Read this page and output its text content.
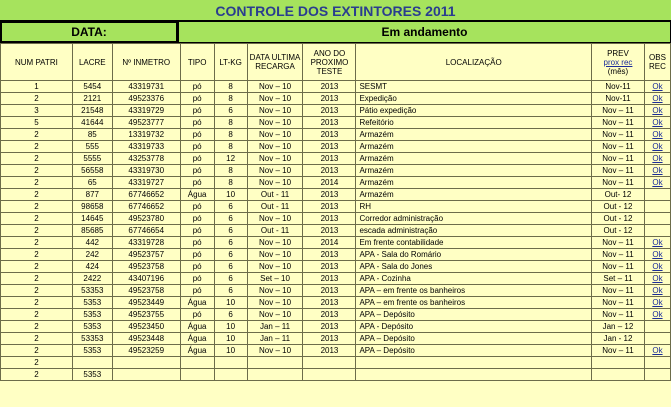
CONTROLE DOS EXTINTORES 2011
DATA:	Em andamento
NUM PATRI	LACRE	Nº INMETRO	TIPO	LT-KG	DATA ULTIMA RECARGA	ANO DO PROXIMO TESTE	LOCALIZAÇÃO	PREV
prox rec
(mês)	OBS REC
1	5454	43319731	pó	8	Nov – 10	2013	SESMT	Nov-11	Ok
2	2121	49523376	pó	8	Nov – 10	2013	Expedição	Nov-11	Ok
3	21548	43319729	pó	6	Nov – 10	2013	Pátio expedição	Nov – 11	Ok
5	41644	49523777	pó	8	Nov – 10	2013	Refeitório	Nov – 11	Ok
2	85	13319732	pó	8	Nov – 10	2013	Armazém	Nov – 11	Ok
2	555	43319733	pó	8	Nov – 10	2013	Armazém	Nov – 11	Ok
2	5555	43253778	pó	12	Nov – 10	2013	Armazém	Nov – 11	Ok
2	56558	43319730	pó	8	Nov – 10	2013	Armazém	Nov – 11	Ok
2	65	43319727	pó	8	Nov – 10	2014	Armazém	Nov – 11	Ok
2	877	67746652	Água	10	Out - 11	2013	Armazém	Out- 12	
2	98658	67746652	pó	6	Out - 11	2013	RH	Out - 12	
2	14645	49523780	pó	6	Nov – 10	2013	Corredor administração	Out - 12	
2	85685	67746654	pó	6	Out - 11	2013	escada administração	Out - 12	
2	442	43319728	pó	6	Nov – 10	2014	Em frente contabilidade	Nov – 11	Ok
2	242	49523757	pó	6	Nov – 10	2013	APA - Sala do Romário	Nov – 11	Ok
2	424	49523758	pó	6	Nov – 10	2013	APA - Sala do Jones	Nov – 11	Ok
2	2422	43407196	pó	6	Set – 10	2013	APA - Cozinha	Set – 11	Ok
2	53353	49523758	pó	6	Nov – 10	2013	APA – em frente os banheiros	Nov – 11	Ok
2	5353	49523449	Água	10	Nov – 10	2013	APA – em frente os banheiros	Nov – 11	Ok
2	5353	49523755	pó	6	Nov – 10	2013	APA – Depósito	Nov – 11	Ok
2	5353	49523450	Água	10	Jan – 11	2013	APA - Depósito	Jan – 12	
2	53353	49523448	Água	10	Jan – 11	2013	APA – Depósito	Jan - 12	
2	5353	49523259	Água	10	Nov – 10	2013	APA – Depósito	Nov – 11	Ok
2									
2	5353								
